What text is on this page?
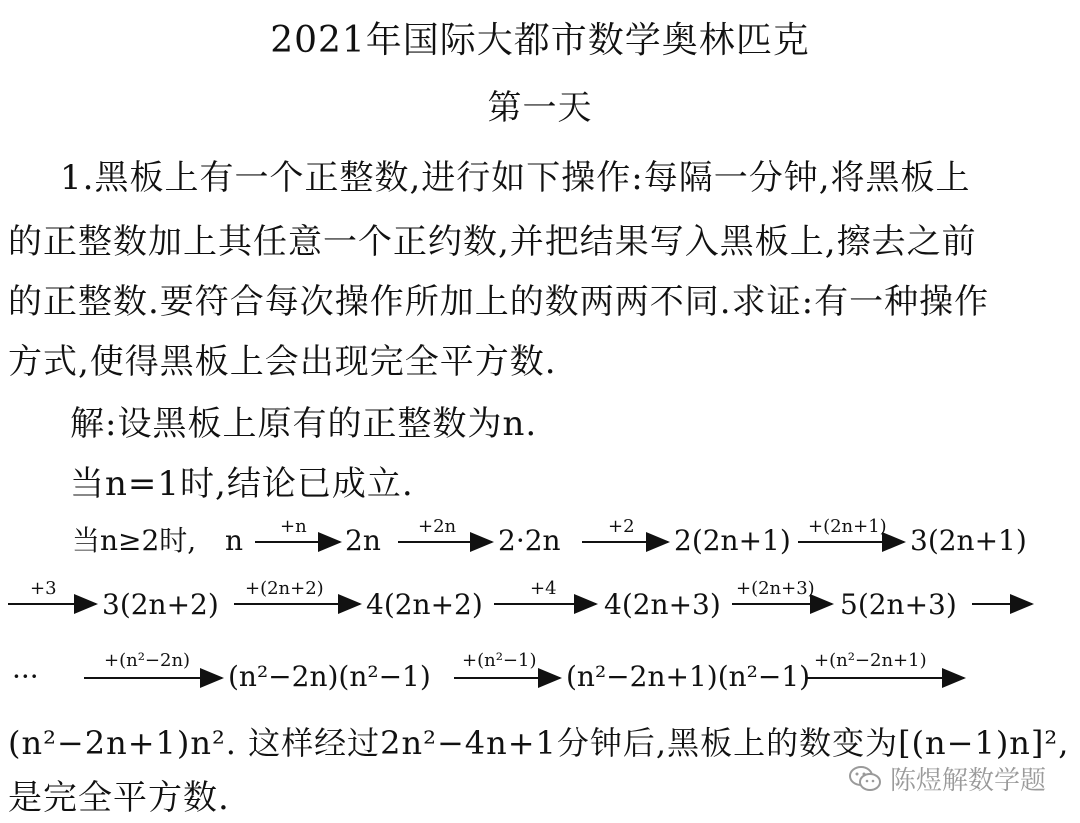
2021年国际大都市数学奥林匹克
第一天
1.黑板上有一个正整数,进行如下操作:每隔一分钟,将黑板上
的正整数加上其任意一个正约数,并把结果写入黑板上,擦去之前
的正整数.要符合每次操作所加上的数两两不同.求证:有一种操作
方式,使得黑板上会出现完全平方数.
解:设黑板上原有的正整数为n.
当n=1时,结论已成立.
当n≥2时, n +n 2n +2n 2·2n	+2 2(2n+1) +(2n+1) 3(2n+1)
+3 3(2n+2) +(2n+2) 4(2n+2)	+4 4(2n+3) +(2n+3) 5(2n+3)
···	+(n²−2n) (n²−2n)(n²−1) +(n²−1) (n²−2n+1)(n²−1) +(n²−2n+1)
(n²−2n+1)n². 这样经过2n²−4n+1分钟后,黑板上的数变为[(n−1)n]²,
是完全平方数.	陈煜解数学题
